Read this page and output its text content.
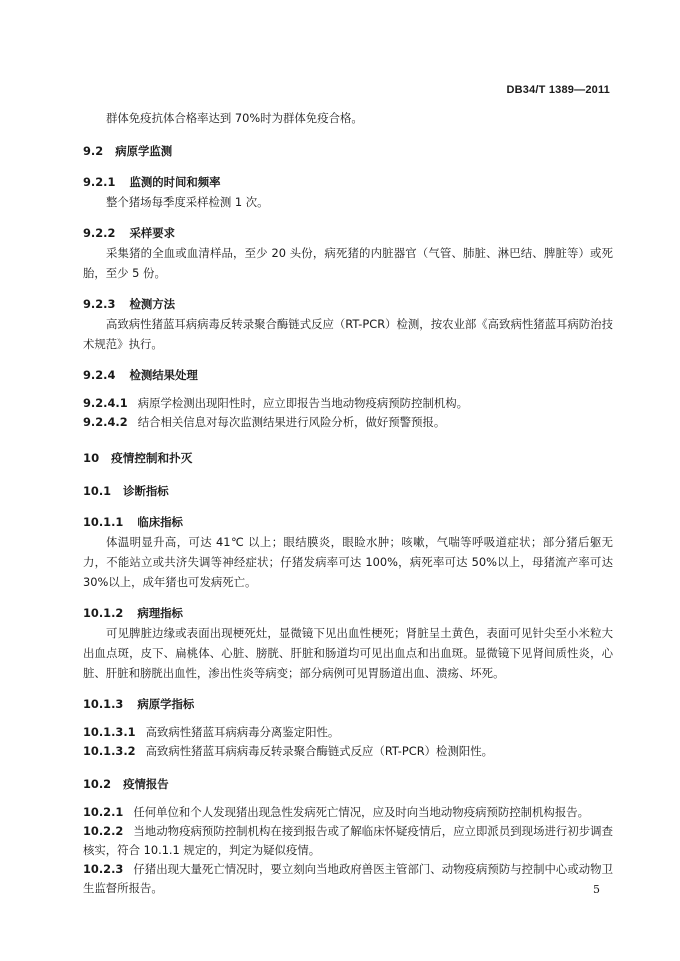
DB34/T 1389—2011

群体免疫抗体合格率达到 70%时为群体免疫合格。

9.2 病原学监测

9.2.1 监测的时间和频率

整个猪场每季度采样检测 1 次。

9.2.2 采样要求

采集猪的全血或血清样品，至少 20 头份，病死猪的内脏器官（气管、肺脏、淋巴结、脾脏等）或死胎，至少 5 份。

9.2.3 检测方法

高致病性猪蓝耳病病毒反转录聚合酶链式反应（RT-PCR）检测，按农业部《高致病性猪蓝耳病防治技术规范》执行。

9.2.4 检测结果处理

9.2.4.1 病原学检测出现阳性时，应立即报告当地动物疫病预防控制机构。

9.2.4.2 结合相关信息对每次监测结果进行风险分析，做好预警预报。

10 疫情控制和扑灭

10.1 诊断指标

10.1.1 临床指标

体温明显升高，可达 41℃ 以上；眼结膜炎，眼睑水肿；咳嗽，气喘等呼吸道症状；部分猪后躯无力，不能站立或共济失调等神经症状；仔猪发病率可达 100%，病死率可达 50%以上，母猪流产率可达 30%以上，成年猪也可发病死亡。

10.1.2 病理指标

可见脾脏边缘或表面出现梗死灶，显微镜下见出血性梗死；肾脏呈土黄色，表面可见针尖至小米粒大出血点斑，皮下、扁桃体、心脏、膀胱、肝脏和肠道均可见出血点和出血斑。显微镜下见肾间质性炎，心脏、肝脏和膀胱出血性，渗出性炎等病变；部分病例可见胃肠道出血、溃疡、坏死。

10.1.3 病原学指标

10.1.3.1 高致病性猪蓝耳病病毒分离鉴定阳性。

10.1.3.2 高致病性猪蓝耳病病毒反转录聚合酶链式反应（RT-PCR）检测阳性。

10.2 疫情报告

10.2.1 任何单位和个人发现猪出现急性发病死亡情况，应及时向当地动物疫病预防控制机构报告。

10.2.2 当地动物疫病预防控制机构在接到报告或了解临床怀疑疫情后，应立即派员到现场进行初步调查核实，符合 10.1.1 规定的，判定为疑似疫情。

10.2.3 仔猪出现大量死亡情况时，要立刻向当地政府兽医主管部门、动物疫病预防与控制中心或动物卫生监督所报告。	5
